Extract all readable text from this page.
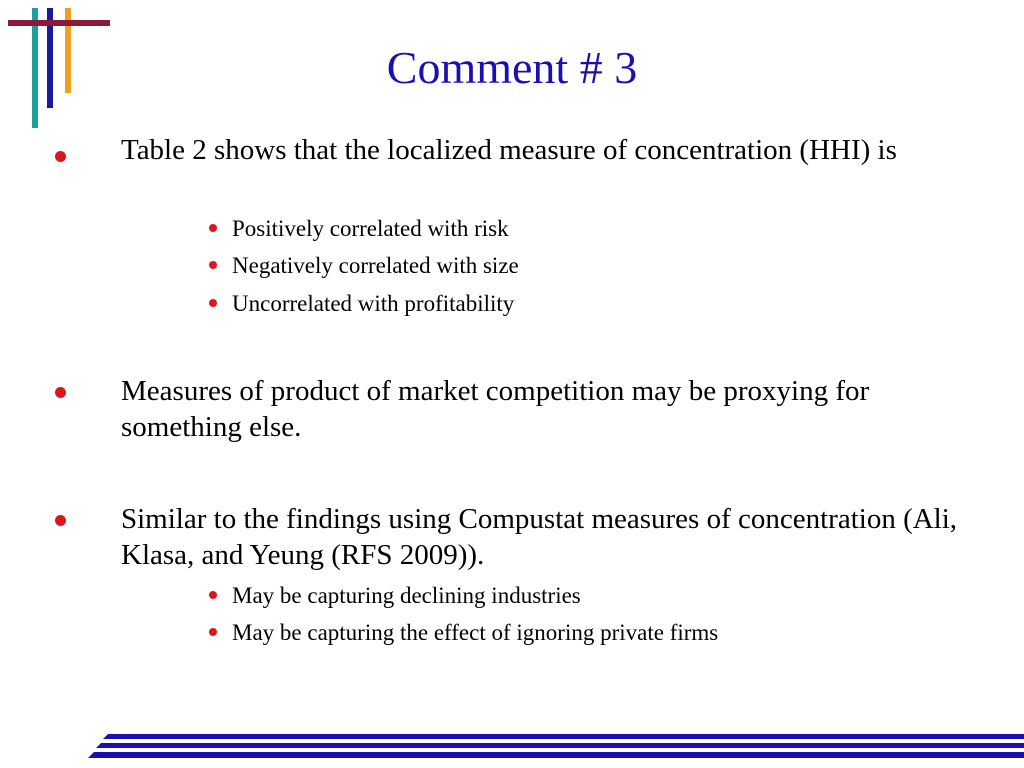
Comment # 3
Table 2 shows that the localized measure of concentration (HHI) is
Positively correlated with risk
Negatively correlated with size
Uncorrelated with profitability
Measures of product of market competition may be proxying for something else.
Similar to the findings using Compustat measures of concentration (Ali, Klasa, and Yeung (RFS 2009)).
May be capturing declining industries
May be capturing the effect of ignoring private firms
